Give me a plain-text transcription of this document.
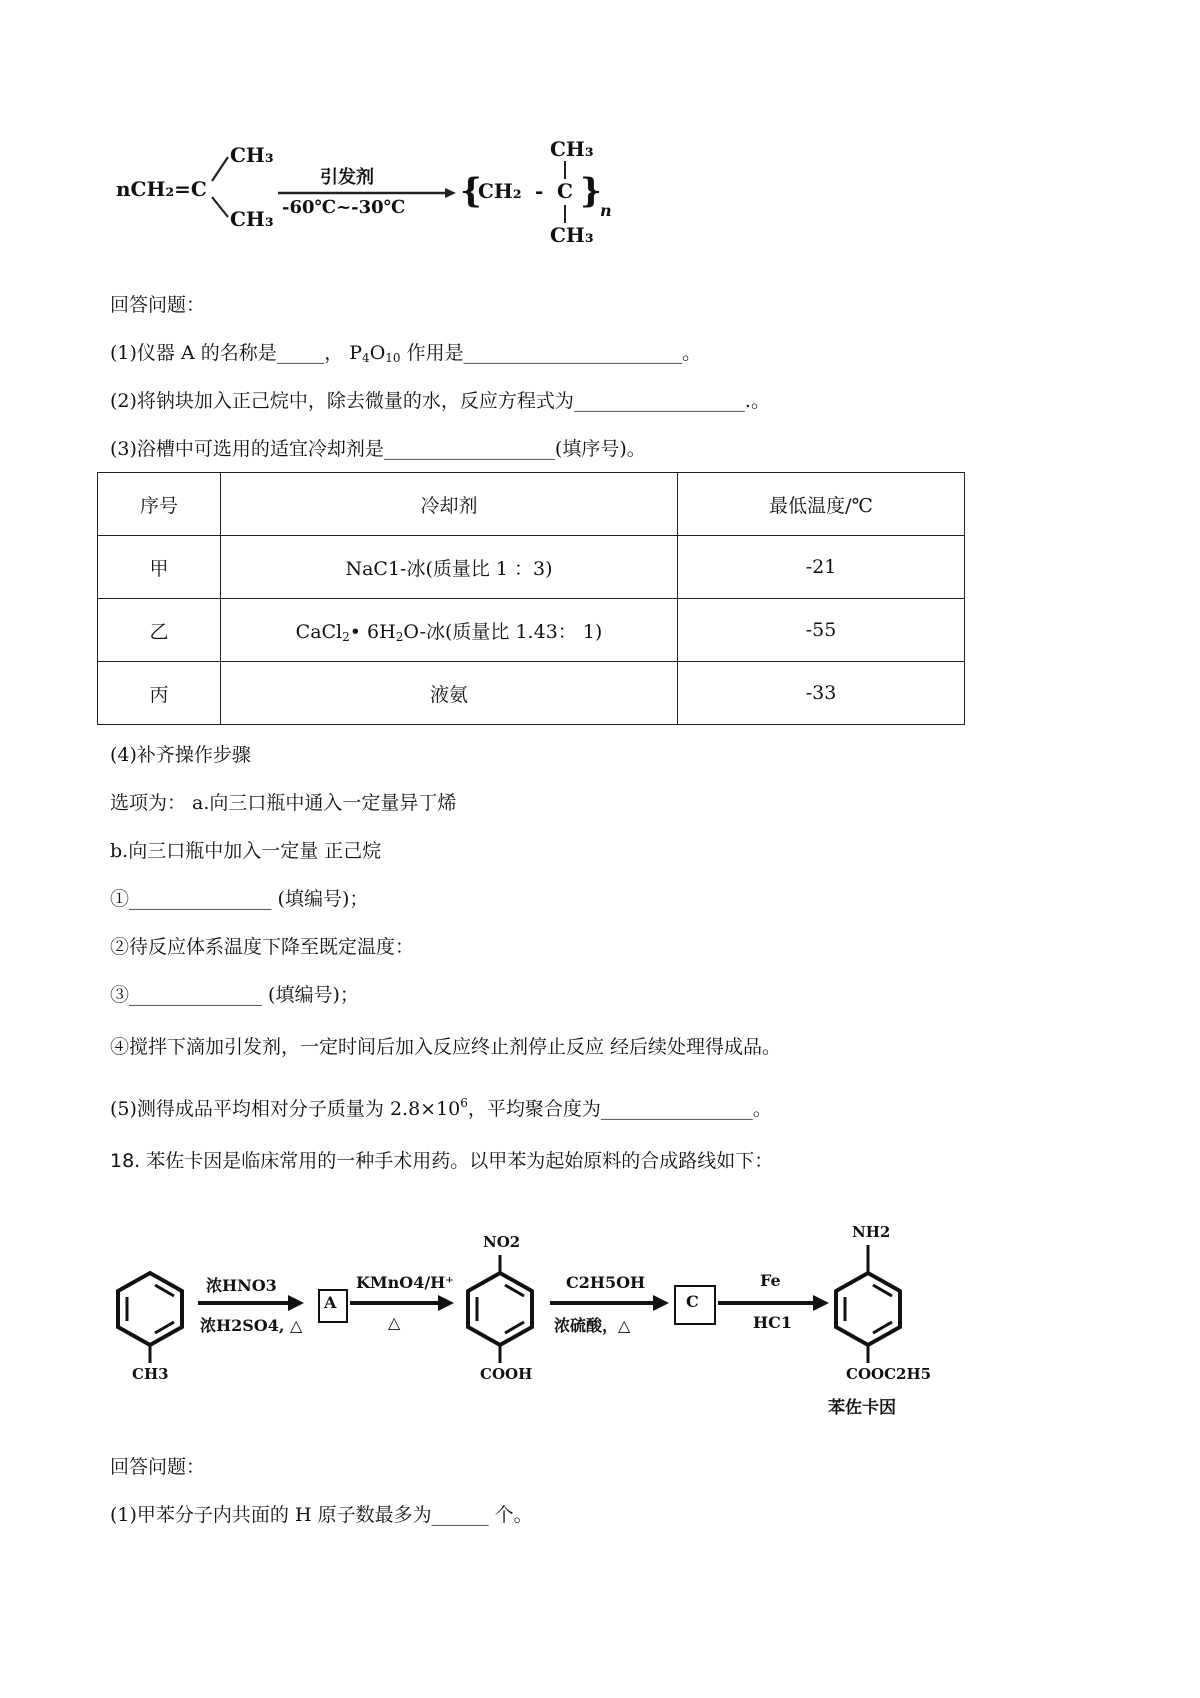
nCH₂=C
CH₃
CH₃
引发剂
-60℃~-30℃ {
CH₂ - C }
n
CH₃
CH₃
回答问题：
(1)仪器 A 的名称是_____， $P_4O_{10}$ 作用是_______________________。
(2)将钠块加入正己烷中，除去微量的水，反应方程式为__________________.。
(3)浴槽中可选用的适宜冷却剂是__________________(填序号)。
序号	冷却剂	最低温度/℃
甲	NaC1-冰(质量比 1 ：3)	-21
乙	CaCl$_2$• $6H_2O-$冰(质量比 1.43： 1)	-55
丙	液氨	-33
(4)补齐操作步骤
选项为： a.向三口瓶中通入一定量异丁烯
b.向三口瓶中加入一定量 正己烷
①_______________ (填编号)；
②待反应体系温度下降至既定温度：
③______________ (填编号)；
④搅拌下滴加引发剂，一定时间后加入反应终止剂停止反应 经后续处理得成品。
(5)测得成品平均相对分子质量为 $2.8\times 10^6$，平均聚合度为________________。
18. 苯佐卡因是临床常用的一种手术用药。以甲苯为起始原料的合成路线如下：
CH3
浓HNO3
浓H2SO4, △
A
KMnO4/H⁺
△
NO2
COOH
C2H5OH
浓硫酸，△
C
Fe
HC1
NH2
COOC2H5
苯佐卡因
回答问题：
(1)甲苯分子内共面的 H 原子数最多为______ 个。
